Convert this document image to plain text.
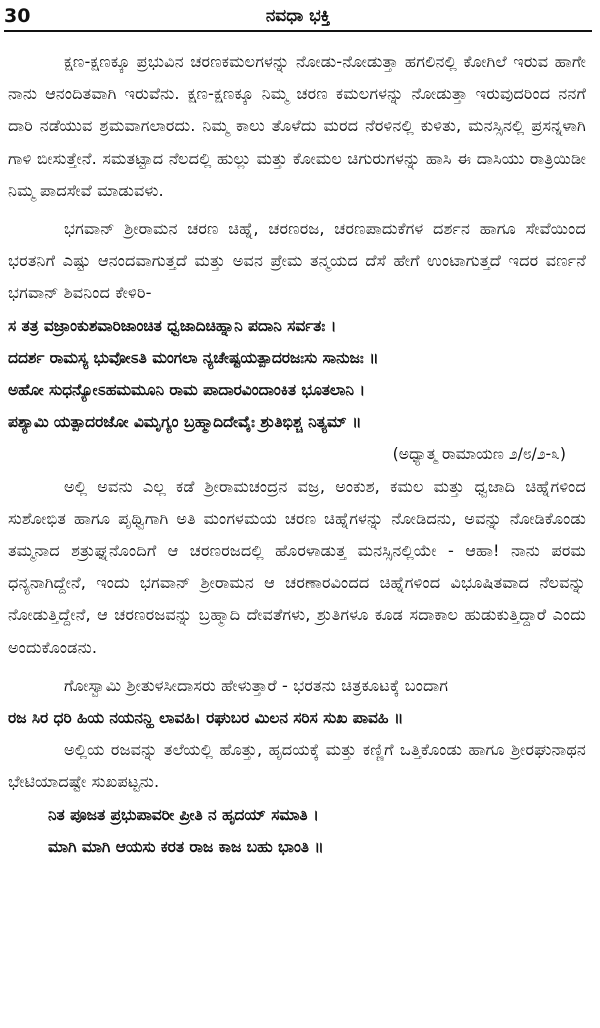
30	ನವಧಾ ಭಕ್ತಿ

ಕ್ಷಣ-ಕ್ಷಣಕ್ಕೂ ಪ್ರಭುವಿನ ಚರಣಕಮಲಗಳನ್ನು ನೋಡು-ನೋಡುತ್ತಾ ಹಗಲಿನಲ್ಲಿ ಕೋಗಿಲೆ ಇರುವ ಹಾಗೇ ನಾನು ಆನಂದಿತವಾಗಿ ಇರುವೆನು. ಕ್ಷಣ-ಕ್ಷಣಕ್ಕೂ ನಿಮ್ಮ ಚರಣ ಕಮಲಗಳನ್ನು ನೋಡುತ್ತಾ ಇರುವುದರಿಂದ ನನಗೆ ದಾರಿ ನಡೆಯುವ ಶ್ರಮವಾಗಲಾರದು. ನಿಮ್ಮ ಕಾಲು ತೊಳೆದು ಮರದ ನೆರಳಿನಲ್ಲಿ ಕುಳಿತು, ಮನಸ್ಸಿನಲ್ಲಿ ಪ್ರಸನ್ನಳಾಗಿ ಗಾಳಿ ಬೀಸುತ್ತೇನೆ. ಸಮತಟ್ಟಾದ ನೆಲದಲ್ಲಿ ಹುಲ್ಲು ಮತ್ತು ಕೋಮಲ ಚಿಗುರುಗಳನ್ನು ಹಾಸಿ ಈ ದಾಸಿಯು ರಾತ್ರಿಯಿಡೀ ನಿಮ್ಮ ಪಾದಸೇವೆ ಮಾಡುವಳು.

ಭಗವಾನ್ ಶ್ರೀರಾಮನ ಚರಣ ಚಿಹ್ನೆ, ಚರಣರಜ, ಚರಣಪಾದುಕೆಗಳ ದರ್ಶನ ಹಾಗೂ ಸೇವೆಯಿಂದ ಭರತನಿಗೆ ಎಷ್ಟು ಆನಂದವಾಗುತ್ತದೆ ಮತ್ತು ಅವನ ಪ್ರೇಮ ತನ್ಮಯದ ದೆಸೆ ಹೇಗೆ ಉಂಟಾಗುತ್ತದೆ ಇದರ ವರ್ಣನೆ ಭಗವಾನ್ ಶಿವನಿಂದ ಕೇಳಿರಿ-

ಸ ತತ್ರ ವಜ್ರಾಂಕುಶವಾರಿಜಾಂಚಿತ ಧ್ವಜಾದಿಚಿಹ್ನಾನಿ ಪದಾನಿ ಸರ್ವತಃ ।
ದದರ್ಶ ರಾಮಸ್ಯ ಭುವೋಽತಿ ಮಂಗಲಾ ನ್ಯಚೇಷ್ಟಯತ್ಪಾದರಜಃಸು ಸಾನುಜಃ ॥
ಅಹೋ ಸುಧನ್ಯೋಽಹಮಮೂನಿ ರಾಮ ಪಾದಾರವಿಂದಾಂಕಿತ ಭೂತಲಾನಿ ।
ಪಶ್ಯಾಮಿ ಯತ್ಪಾದರಜೋ ವಿಮೃಗ್ಯಂ ಬ್ರಹ್ಮಾದಿದೇವೈಃ ಶ್ರುತಿಭಿಶ್ಚ ನಿತ್ಯಮ್ ॥
(ಅಧ್ಯಾತ್ಮ ರಾಮಾಯಣ ೨/೮/೨-೩)

ಅಲ್ಲಿ ಅವನು ಎಲ್ಲ ಕಡೆ ಶ್ರೀರಾಮಚಂದ್ರನ ವಜ್ರ, ಅಂಕುಶ, ಕಮಲ ಮತ್ತು ಧ್ವಜಾದಿ ಚಿಹ್ನೆಗಳಿಂದ ಸುಶೋಭಿತ ಹಾಗೂ ಪೃಥ್ವಿಗಾಗಿ ಅತಿ ಮಂಗಳಮಯ ಚರಣ ಚಿಹ್ನೆಗಳನ್ನು ನೋಡಿದನು, ಅವನ್ನು ನೋಡಿಕೊಂಡು ತಮ್ಮನಾದ ಶತ್ರುಘ್ನನೊಂದಿಗೆ ಆ ಚರಣರಜದಲ್ಲಿ ಹೊರಳಾಡುತ್ತ ಮನಸ್ಸಿನಲ್ಲಿಯೇ - ಆಹಾ! ನಾನು ಪರಮ ಧನ್ಯನಾಗಿದ್ದೇನೆ, ಇಂದು ಭಗವಾನ್ ಶ್ರೀರಾಮನ ಆ ಚರಣಾರವಿಂದದ ಚಿಹ್ನೆಗಳಿಂದ ವಿಭೂಷಿತವಾದ ನೆಲವನ್ನು ನೋಡುತ್ತಿದ್ದೇನೆ, ಆ ಚರಣರಜವನ್ನು ಬ್ರಹ್ಮಾದಿ ದೇವತೆಗಳು, ಶ್ರುತಿಗಳೂ ಕೂಡ ಸದಾಕಾಲ ಹುಡುಕುತ್ತಿದ್ದಾರೆ ಎಂದು ಅಂದುಕೊಂಡನು.

ಗೋಸ್ವಾಮಿ ಶ್ರೀತುಳಸೀದಾಸರು ಹೇಳುತ್ತಾರೆ - ಭರತನು ಚಿತ್ರಕೂಟಕ್ಕೆ ಬಂದಾಗ

ರಜ ಸಿರ ಧರಿ ಹಿಯ ನಯನನ್ಹಿ ಲಾವಹಿ। ರಘುಬರ ಮಿಲನ ಸರಿಸ ಸುಖ ಪಾವಹಿ ॥

ಅಲ್ಲಿಯ ರಜವನ್ನು ತಲೆಯಲ್ಲಿ ಹೊತ್ತು, ಹೃದಯಕ್ಕೆ ಮತ್ತು ಕಣ್ಣಿಗೆ ಒತ್ತಿಕೊಂಡು ಹಾಗೂ ಶ್ರೀರಘುನಾಥನ ಭೇಟಿಯಾದಷ್ಟೇ ಸುಖಪಟ್ಟನು.

ನಿತ ಪೂಜತ ಪ್ರಭುಪಾವರೀ ಪ್ರೀತಿ ನ ಹೃದಯ್ ಸಮಾತಿ ।
ಮಾಗಿ ಮಾಗಿ ಆಯಸು ಕರತ ರಾಜ ಕಾಜ ಬಹು ಭಾಂತಿ ॥
